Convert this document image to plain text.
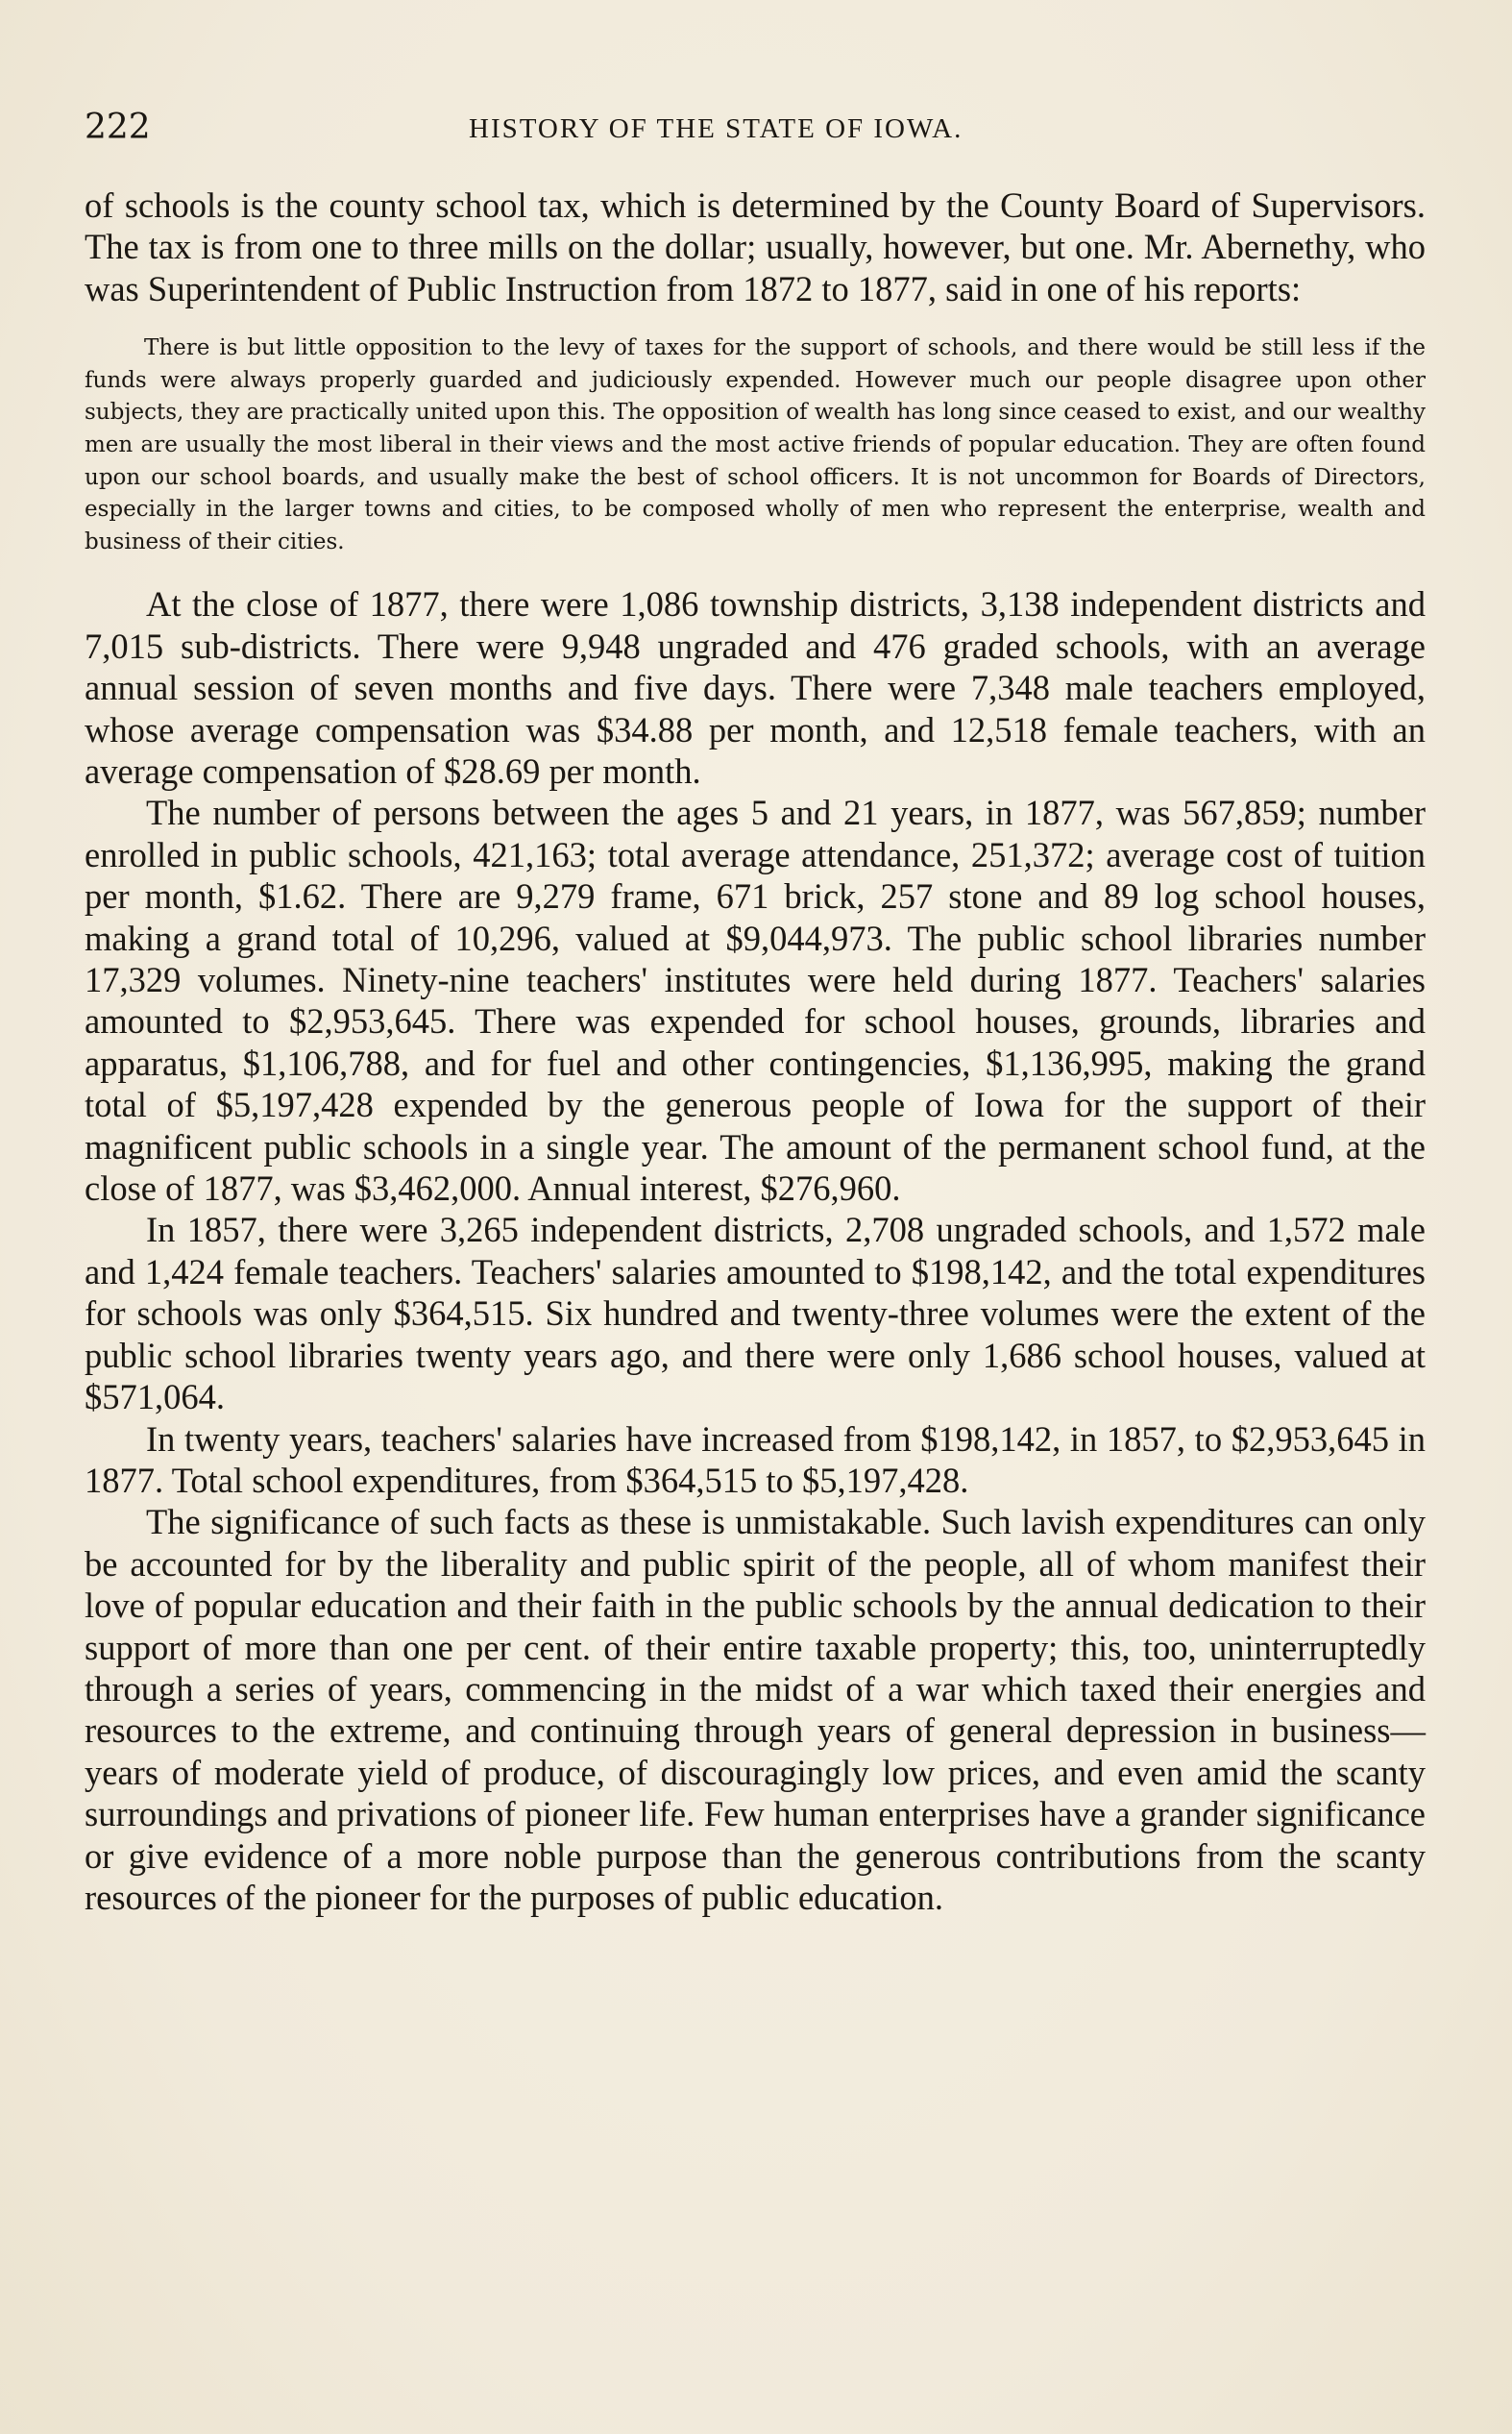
222	HISTORY OF THE STATE OF IOWA.

of schools is the county school tax, which is determined by the County Board of Supervisors. The tax is from one to three mills on the dollar; usually, however, but one. Mr. Abernethy, who was Superintendent of Public Instruction from 1872 to 1877, said in one of his reports:

There is but little opposition to the levy of taxes for the support of schools, and there would be still less if the funds were always properly guarded and judiciously expended. However much our people disagree upon other subjects, they are practically united upon this. The opposition of wealth has long since ceased to exist, and our wealthy men are usually the most liberal in their views and the most active friends of popular education. They are often found upon our school boards, and usually make the best of school officers. It is not uncommon for Boards of Directors, especially in the larger towns and cities, to be composed wholly of men who represent the enterprise, wealth and business of their cities.

At the close of 1877, there were 1,086 township districts, 3,138 independent districts and 7,015 sub-districts. There were 9,948 ungraded and 476 graded schools, with an average annual session of seven months and five days. There were 7,348 male teachers employed, whose average compensation was $34.88 per month, and 12,518 female teachers, with an average compensation of $28.69 per month.

The number of persons between the ages 5 and 21 years, in 1877, was 567,859; number enrolled in public schools, 421,163; total average attendance, 251,372; average cost of tuition per month, $1.62. There are 9,279 frame, 671 brick, 257 stone and 89 log school houses, making a grand total of 10,296, valued at $9,044,973. The public school libraries number 17,329 volumes. Ninety-nine teachers' institutes were held during 1877. Teachers' salaries amounted to $2,953,645. There was expended for school houses, grounds, libraries and apparatus, $1,106,788, and for fuel and other contingencies, $1,136,995, making the grand total of $5,197,428 expended by the generous people of Iowa for the support of their magnificent public schools in a single year. The amount of the permanent school fund, at the close of 1877, was $3,462,000. Annual interest, $276,960.

In 1857, there were 3,265 independent districts, 2,708 ungraded schools, and 1,572 male and 1,424 female teachers. Teachers' salaries amounted to $198,142, and the total expenditures for schools was only $364,515. Six hundred and twenty-three volumes were the extent of the public school libraries twenty years ago, and there were only 1,686 school houses, valued at $571,064.

In twenty years, teachers' salaries have increased from $198,142, in 1857, to $2,953,645 in 1877. Total school expenditures, from $364,515 to $5,197,428.

The significance of such facts as these is unmistakable. Such lavish expenditures can only be accounted for by the liberality and public spirit of the people, all of whom manifest their love of popular education and their faith in the public schools by the annual dedication to their support of more than one per cent. of their entire taxable property; this, too, uninterruptedly through a series of years, commencing in the midst of a war which taxed their energies and resources to the extreme, and continuing through years of general depression in business—years of moderate yield of produce, of discouragingly low prices, and even amid the scanty surroundings and privations of pioneer life. Few human enterprises have a grander significance or give evidence of a more noble purpose than the generous contributions from the scanty resources of the pioneer for the purposes of public education.
